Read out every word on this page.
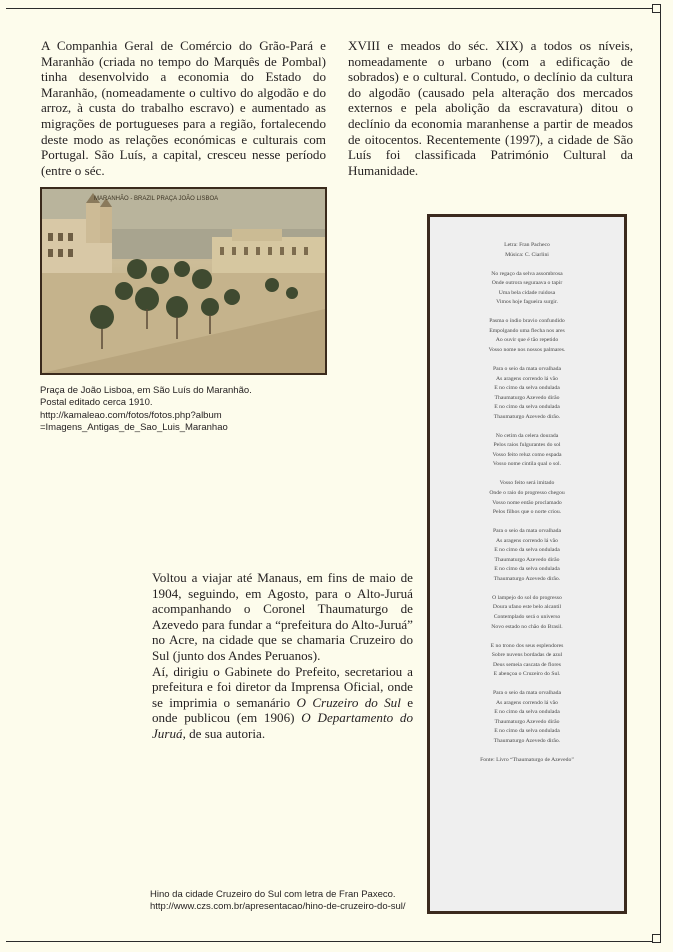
A Companhia Geral de Comércio do Grão-Pará e Maranhão (criada no tempo do Marquês de Pombal) tinha desenvolvido a economia do Estado do Maranhão, (nomeadamente o cultivo do algodão e do arroz, à custa do trabalho escravo) e aumentado as migrações de portugueses para a região, fortalecendo deste modo as relações económicas e culturais com Portugal. São Luís, a capital, cresceu nesse período (entre o séc.

XVIII e meados do séc. XIX) a todos os níveis, nomeadamente o urbano (com a edificação de sobrados) e o cultural. Contudo, o declínio da cultura do algodão (causado pela alteração dos mercados externos e pela abolição da escravatura) ditou o declínio da economia maranhense a partir de meados de oitocentos. Recentemente (1997), a cidade de São Luís foi classificada Património Cultural da Humanidade.

MARANHÃO - BRAZIL PRAÇA JOÃO LISBOA
Praça de João Lisboa, em São Luís do Maranhão.
Postal editado cerca 1910.
http://kamaleao.com/fotos/fotos.php?album
=Imagens_Antigas_de_Sao_Luis_Maranhao
Letra: Fran Pacheco
Música: C. Ciarlini
No regaço da selva assombrosa
Onde outrora seguraava o tapir
Uma bela cidade ruidosa
Vimos hoje fagueira surgir.
Pasma o índio bravio confundido
Empolgando uma flecha nos ares
Ao ouvir que é tão repetido
Vosso nome nos nossos palmares.
Para o seio da mata orvalhada
As aragens correndo lá vão
E no cimo da selva ondulada
Thaumaturgo Azevedo dirão
E no cimo da selva ondulada
Thaumaturgo Azevedo dirão.
No cetim da celera dourada
Pelos raios fulgurantes do sol
Vosso feito reluz como espada
Vosso nome cintila qual o sol.
Vosso feito será imitado
Onde o raio do progresso chegou
Vosso nome então proclamado
Pelos filhos que o norte criou.
Para o seio da mata orvalhada
As aragens correndo lá vão
E no cimo da selva ondulada
Thaumaturgo Azevedo dirão
E no cimo da selva ondulada
Thaumaturgo Azevedo dirão.
O lampejo do sol do progresso
Doura ufano este belo alcantil
Contemplado será o universo
Novo estado no chão do Brasil.
E no trono dos seus esplendores
Sobre nuvens bordadas de azul
Deus semeia cascata de flores
E abençoa o Cruzeiro do Sul.
Para o seio da mata orvalhada
As aragens correndo lá vão
E no cimo da selva ondulada
Thaumaturgo Azevedo dirão
E no cimo da selva ondulada
Thaumaturgo Azevedo dirão.
Fonte: Livro “Thaumaturgo de Azevedo”

Voltou a viajar até Manaus, em fins de maio de 1904, seguindo, em Agosto, para o Alto-Juruá acompanhando o Coronel Thaumaturgo de Azevedo para fundar a “prefeitura do Alto-Juruá” no Acre, na cidade que se chamaria Cruzeiro do Sul (junto dos Andes Peruanos).

Aí, dirigiu o Gabinete do Prefeito, secretariou a prefeitura e foi diretor da Imprensa Oficial, onde se imprimia o semanário O Cruzeiro do Sul e onde publicou (em 1906) O Departamento do Juruá, de sua autoria.

Hino da cidade Cruzeiro do Sul com letra de Fran Paxeco.
http://www.czs.com.br/apresentacao/hino-de-cruzeiro-do-sul/
